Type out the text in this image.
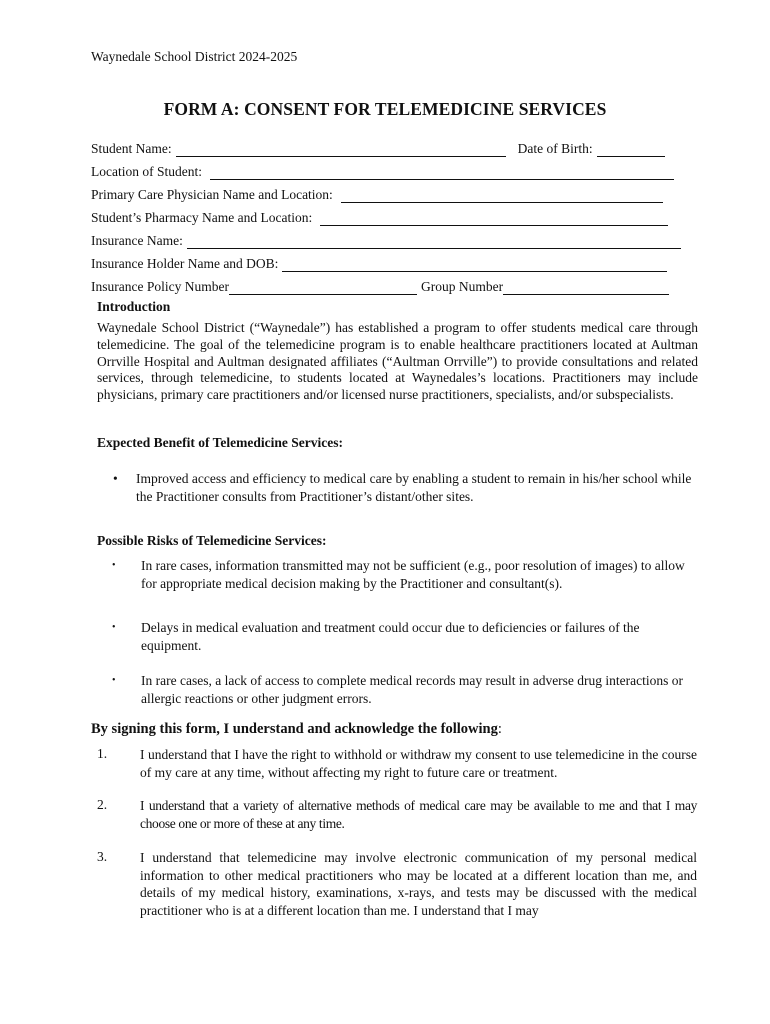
Waynedale School District 2024-2025
FORM A: CONSENT FOR TELEMEDICINE SERVICES
Student Name:	Date of Birth:
Location of Student:
Primary Care Physician Name and Location:
Student’s Pharmacy Name and Location:
Insurance Name:
Insurance Holder Name and DOB:
Insurance Policy Number	Group Number
Introduction
Waynedale School District (“Waynedale”) has established a program to offer students medical care through telemedicine. The goal of the telemedicine program is to enable healthcare practitioners located at Aultman Orrville Hospital and Aultman designated affiliates (“Aultman Orrville”) to provide consultations and related services, through telemedicine, to students located at Waynedales’s locations. Practitioners may include physicians, primary care practitioners and/or licensed nurse practitioners, specialists, and/or subspecialists.
Expected Benefit of Telemedicine Services:
•	Improved access and efficiency to medical care by enabling a student to remain in his/her school while the Practitioner consults from Practitioner’s distant/other sites.
Possible Risks of Telemedicine Services:
•	In rare cases, information transmitted may not be sufficient (e.g., poor resolution of images) to allow for appropriate medical decision making by the Practitioner and consultant(s).
•	Delays in medical evaluation and treatment could occur due to deficiencies or failures of the equipment.
•	In rare cases, a lack of access to complete medical records may result in adverse drug interactions or allergic reactions or other judgment errors.
By signing this form, I understand and acknowledge the following:
1. I understand that I have the right to withhold or withdraw my consent to use telemedicine in the course of my care at any time, without affecting my right to future care or treatment.
2. I understand that a variety of alternative methods of medical care may be available to me and that I may choose one or more of these at any time.
3. I understand that telemedicine may involve electronic communication of my personal medical information to other medical practitioners who may be located at a different location than me, and details of my medical history, examinations, x-rays, and tests may be discussed with the medical practitioner who is at a different location than me. I understand that I may
